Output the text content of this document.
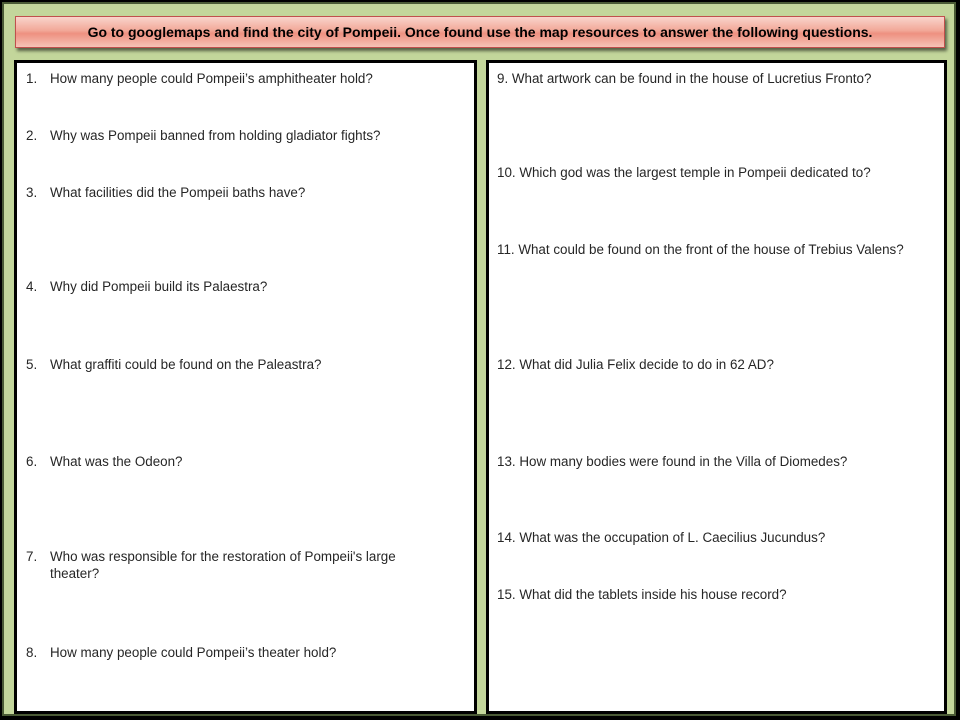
Go to googlemaps and find the city of Pompeii. Once found use the map resources to answer the following questions.
1. How many people could Pompeii’s amphitheater hold?
2. Why was Pompeii banned from holding gladiator fights?
3. What facilities did the Pompeii baths have?
4. Why did Pompeii build its Palaestra?
5. What graffiti could be found on the Paleastra?
6. What was the Odeon?
7. Who was responsible for the restoration of Pompeii's large theater?
8. How many people could Pompeii’s theater hold?
9. What artwork can be found in the house of Lucretius Fronto?
10. Which god was the largest temple in Pompeii dedicated to?
11. What could be found on the front of the house of Trebius Valens?
12. What did Julia Felix decide to do in 62 AD?
13. How many bodies were found in the Villa of Diomedes?
14. What was the occupation of L. Caecilius Jucundus?
15. What did the tablets inside his house record?
